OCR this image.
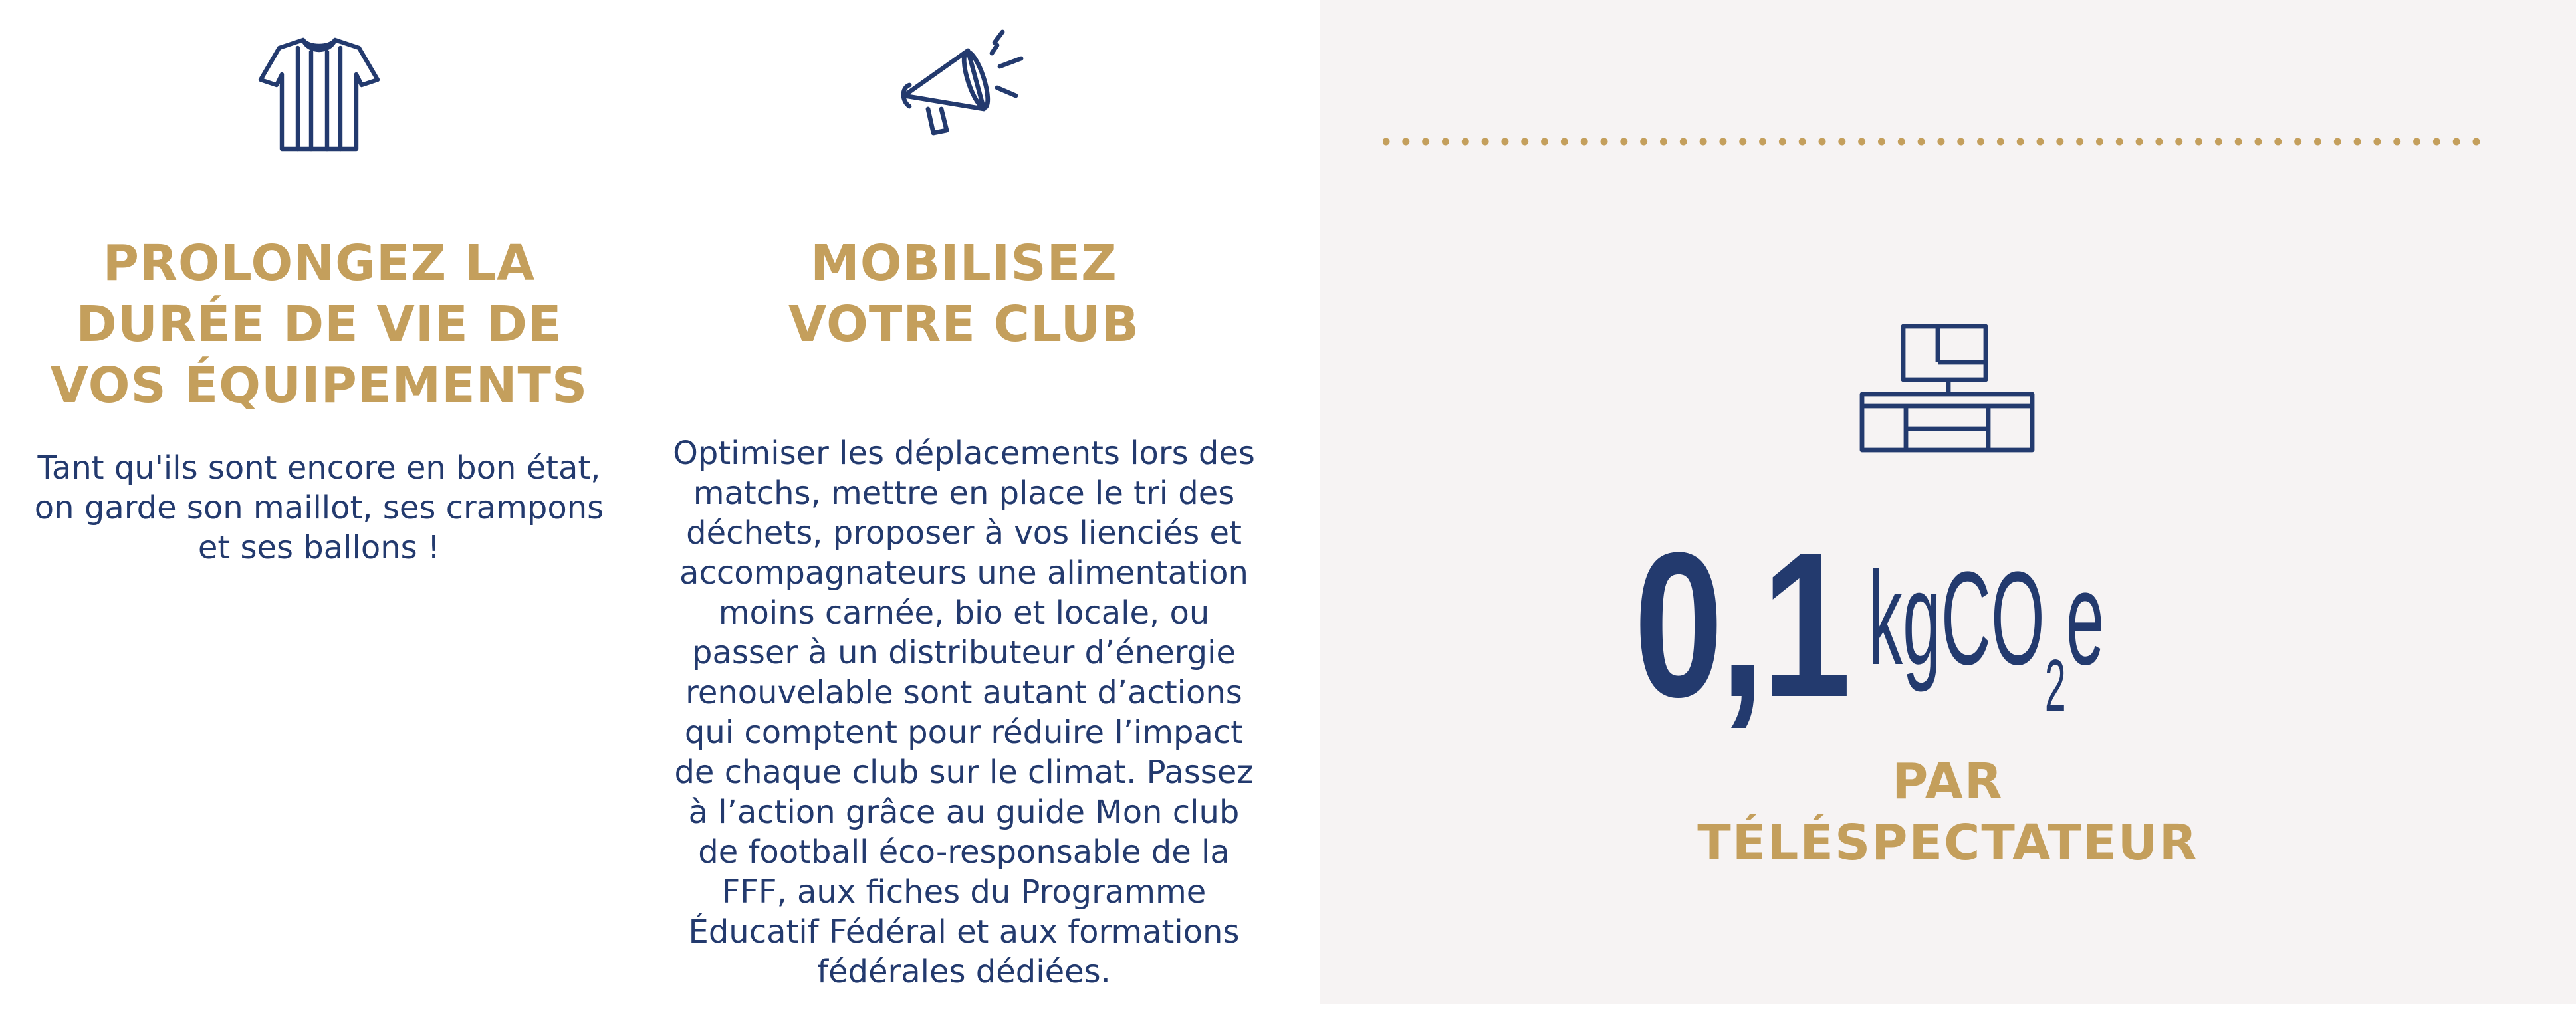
PROLONGEZ LA
DURÉE DE VIE DE
VOS ÉQUIPEMENTS

Tant qu'ils sont encore en bon état,
on garde son maillot, ses crampons
et ses ballons !

MOBILISEZ
VOTRE CLUB

Optimiser les déplacements lors des
matchs, mettre en place le tri des
déchets, proposer à vos lienciés et
accompagnateurs une alimentation
moins carnée, bio et locale, ou
passer à un distributeur d’énergie
renouvelable sont autant d’actions
qui comptent pour réduire l’impact
de chaque club sur le climat. Passez
à l’action grâce au guide Mon club
de football éco-responsable de la
FFF, aux fiches du Programme
Éducatif Fédéral et aux formations
fédérales dédiées.

0,1 kgCO$_2$e
PAR
TÉLÉSPECTATEUR
